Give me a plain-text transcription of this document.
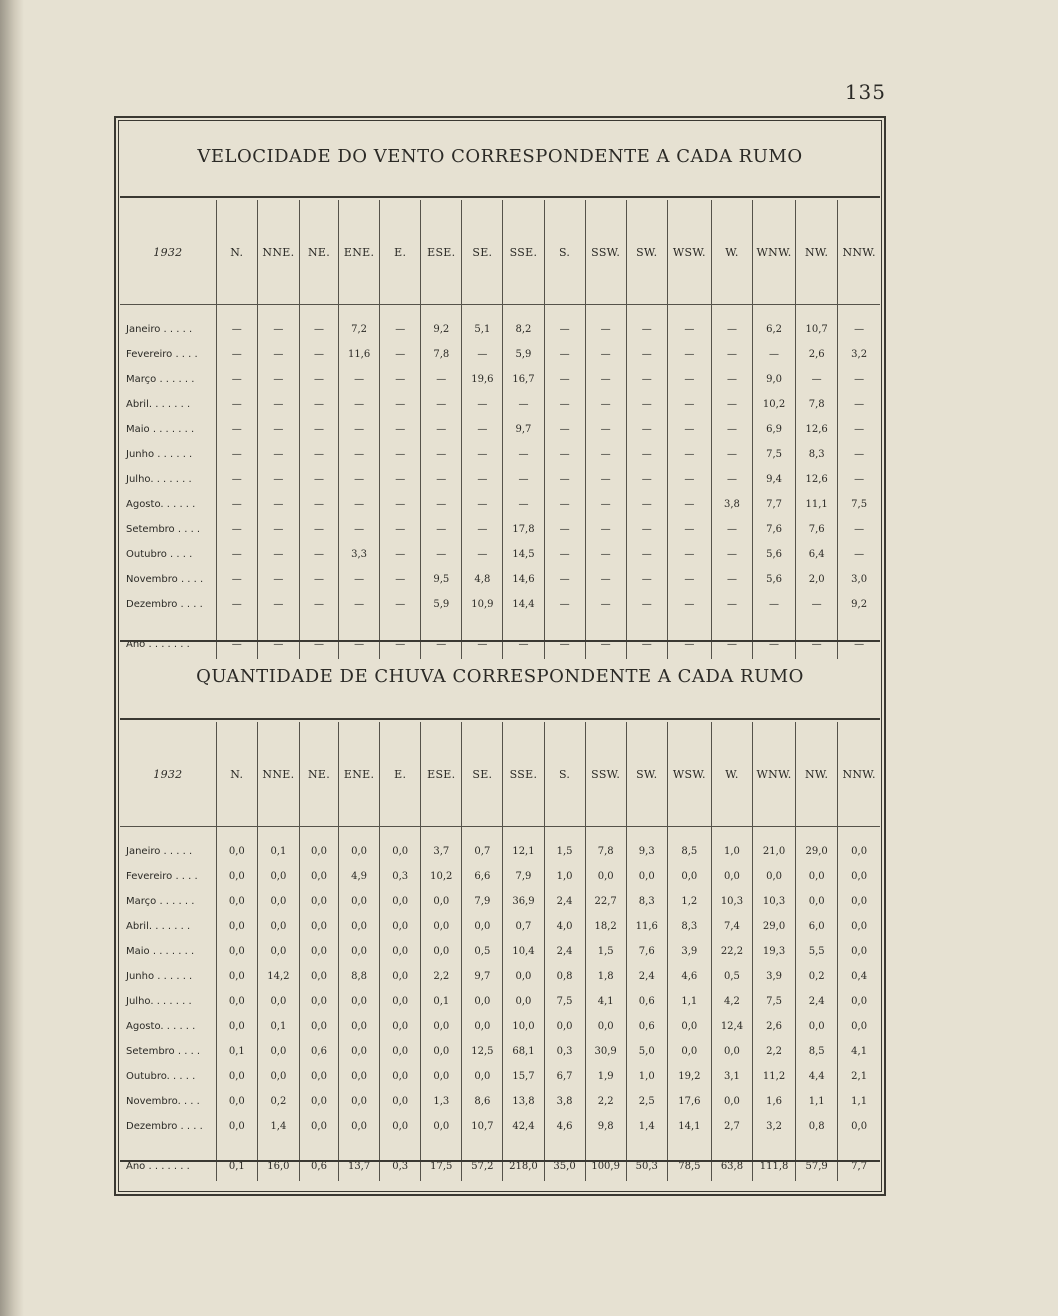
135
VELOCIDADE DO VENTO CORRESPONDENTE A CADA RUMO
1932	N.	NNE.	NE.	ENE.	E.	ESE.	SE.	SSE.	S.	SSW.	SW.	WSW.	W.	WNW.	NW.	NNW.

Janeiro . . . . .	—	—	—	7,2	—	9,2	5,1	8,2	—	—	—	—	—	6,2	10,7	—
Fevereiro . . . .	—	—	—	11,6	—	7,8	—	5,9	—	—	—	—	—	—	2,6	3,2
Março . . . . . .	—	—	—	—	—	—	19,6	16,7	—	—	—	—	—	9,0	—	—
Abril. . . . . . .	—	—	—	—	—	—	—	—	—	—	—	—	—	10,2	7,8	—
Maio . . . . . . .	—	—	—	—	—	—	—	9,7	—	—	—	—	—	6,9	12,6	—
Junho . . . . . .	—	—	—	—	—	—	—	—	—	—	—	—	—	7,5	8,3	—
Julho. . . . . . .	—	—	—	—	—	—	—	—	—	—	—	—	—	9,4	12,6	—
Agosto. . . . . .	—	—	—	—	—	—	—	—	—	—	—	—	3,8	7,7	11,1	7,5
Setembro . . . .	—	—	—	—	—	—	—	17,8	—	—	—	—	—	7,6	7,6	—
Outubro . . . .	—	—	—	3,3	—	—	—	14,5	—	—	—	—	—	5,6	6,4	—
Novembro . . . .	—	—	—	—	—	9,5	4,8	14,6	—	—	—	—	—	5,6	2,0	3,0
Dezembro . . . .	—	—	—	—	—	5,9	10,9	14,4	—	—	—	—	—	—	—	9,2

Ano . . . . . . .	—	—	—	—	—	—	—	—	—	—	—	—	—	—	—	—
QUANTIDADE DE CHUVA CORRESPONDENTE A CADA RUMO
1932	N.	NNE.	NE.	ENE.	E.	ESE.	SE.	SSE.	S.	SSW.	SW.	WSW.	W.	WNW.	NW.	NNW.

Janeiro . . . . .	0,0	0,1	0,0	0,0	0,0	3,7	0,7	12,1	1,5	7,8	9,3	8,5	1,0	21,0	29,0	0,0
Fevereiro . . . .	0,0	0,0	0,0	4,9	0,3	10,2	6,6	7,9	1,0	0,0	0,0	0,0	0,0	0,0	0,0	0,0
Março . . . . . .	0,0	0,0	0,0	0,0	0,0	0,0	7,9	36,9	2,4	22,7	8,3	1,2	10,3	10,3	0,0	0,0
Abril. . . . . . .	0,0	0,0	0,0	0,0	0,0	0,0	0,0	0,7	4,0	18,2	11,6	8,3	7,4	29,0	6,0	0,0
Maio . . . . . . .	0,0	0,0	0,0	0,0	0,0	0,0	0,5	10,4	2,4	1,5	7,6	3,9	22,2	19,3	5,5	0,0
Junho . . . . . .	0,0	14,2	0,0	8,8	0,0	2,2	9,7	0,0	0,8	1,8	2,4	4,6	0,5	3,9	0,2	0,4
Julho. . . . . . .	0,0	0,0	0,0	0,0	0,0	0,1	0,0	0,0	7,5	4,1	0,6	1,1	4,2	7,5	2,4	0,0
Agosto. . . . . .	0,0	0,1	0,0	0,0	0,0	0,0	0,0	10,0	0,0	0,0	0,6	0,0	12,4	2,6	0,0	0,0
Setembro . . . .	0,1	0,0	0,6	0,0	0,0	0,0	12,5	68,1	0,3	30,9	5,0	0,0	0,0	2,2	8,5	4,1
Outubro. . . . .	0,0	0,0	0,0	0,0	0,0	0,0	0,0	15,7	6,7	1,9	1,0	19,2	3,1	11,2	4,4	2,1
Novembro. . . .	0,0	0,2	0,0	0,0	0,0	1,3	8,6	13,8	3,8	2,2	2,5	17,6	0,0	1,6	1,1	1,1
Dezembro . . . .	0,0	1,4	0,0	0,0	0,0	0,0	10,7	42,4	4,6	9,8	1,4	14,1	2,7	3,2	0,8	0,0

Ano . . . . . . .	0,1	16,0	0,6	13,7	0,3	17,5	57,2	218,0	35,0	100,9	50,3	78,5	63,8	111,8	57,9	7,7
